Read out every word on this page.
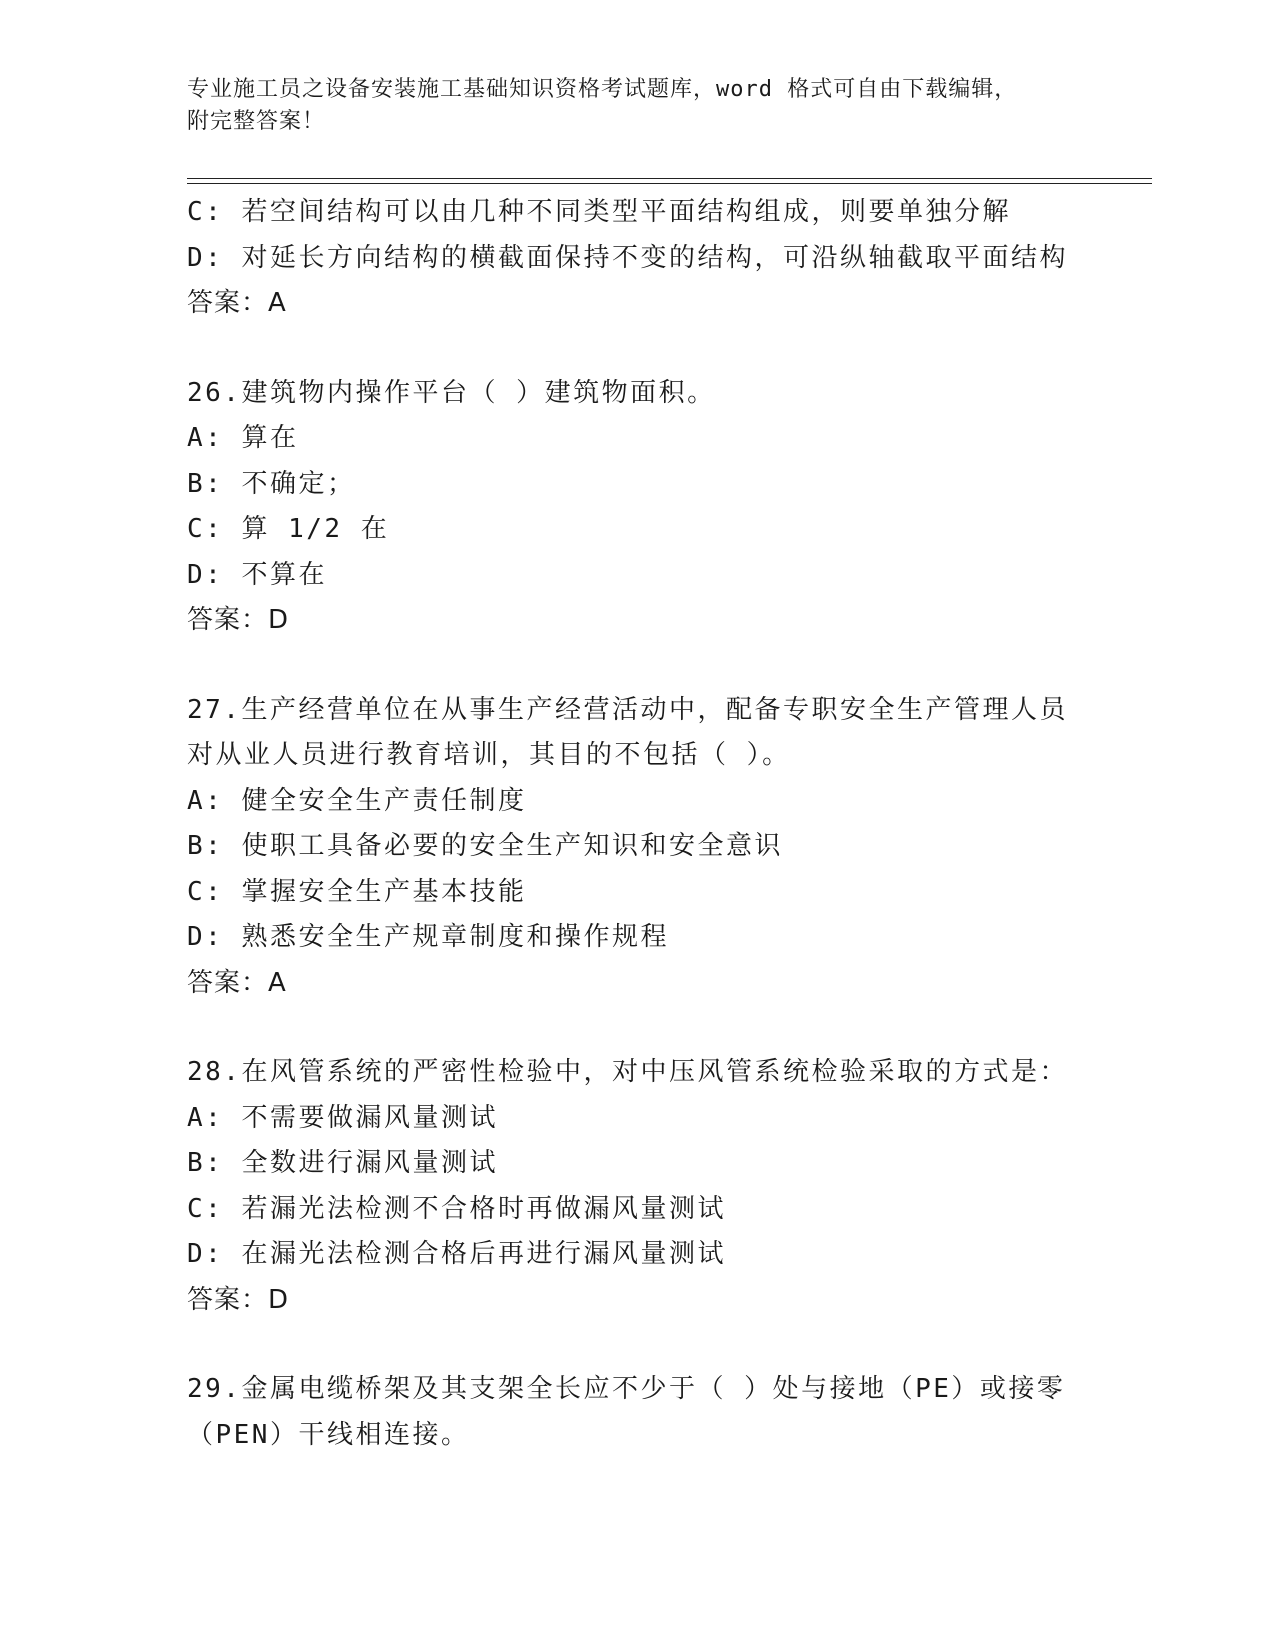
专业施工员之设备安装施工基础知识资格考试题库，word 格式可自由下载编辑，
附完整答案！
C: 若空间结构可以由几种不同类型平面结构组成，则要单独分解
D: 对延长方向结构的横截面保持不变的结构，可沿纵轴截取平面结构
答案：A
26.建筑物内操作平台（ ）建筑物面积。
A: 算在
B: 不确定；
C: 算 1/2 在
D: 不算在
答案：D
27.生产经营单位在从事生产经营活动中，配备专职安全生产管理人员
对从业人员进行教育培训，其目的不包括（ ）。
A: 健全安全生产责任制度
B: 使职工具备必要的安全生产知识和安全意识
C: 掌握安全生产基本技能
D: 熟悉安全生产规章制度和操作规程
答案：A
28.在风管系统的严密性检验中，对中压风管系统检验采取的方式是：
A: 不需要做漏风量测试
B: 全数进行漏风量测试
C: 若漏光法检测不合格时再做漏风量测试
D: 在漏光法检测合格后再进行漏风量测试
答案：D
29.金属电缆桥架及其支架全长应不少于（ ）处与接地（PE）或接零
（PEN）干线相连接。
